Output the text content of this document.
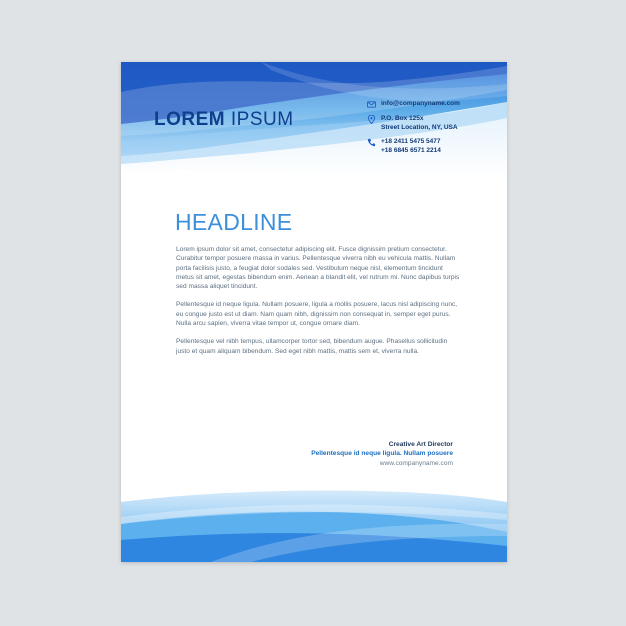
LOREM IPSUM
info@companyname.com
P.O. Box 125x
Street Location, NY, USA
+18 2411 5475 5477
+18 6845 6571 2214
HEADLINE

Lorem ipsum dolor sit amet, consectetur adipiscing elit. Fusce dignissim pretium consectetur. Curabitur tempor posuere massa in varius. Pellentesque viverra nibh eu vehicula mattis. Nullam porta facilisis justo, a feugiat dolor sodales sed. Vestibulum neque nisl, elementum tincidunt metus sit amet, egestas bibendum enim. Aenean a blandit elit, vel rutrum mi. Nunc dapibus turpis sed massa aliquet tincidunt.

Pellentesque id neque ligula. Nullam posuere, ligula a mollis posuere, lacus nisl adipiscing nunc, eu congue justo est ut diam. Nam quam nibh, dignissim non consequat in, semper eget purus. Nulla arcu sapien, viverra vitae tempor ut, congue ornare diam.

Pellentesque vel nibh tempus, ullamcorper tortor sed, bibendum augue. Phasellus sollicitudin justo et quam aliquam bibendum. Sed eget nibh mattis, mattis sem et, viverra nulla.

Creative Art Director
Pellentesque id neque ligula. Nullam posuere
www.companyname.com
